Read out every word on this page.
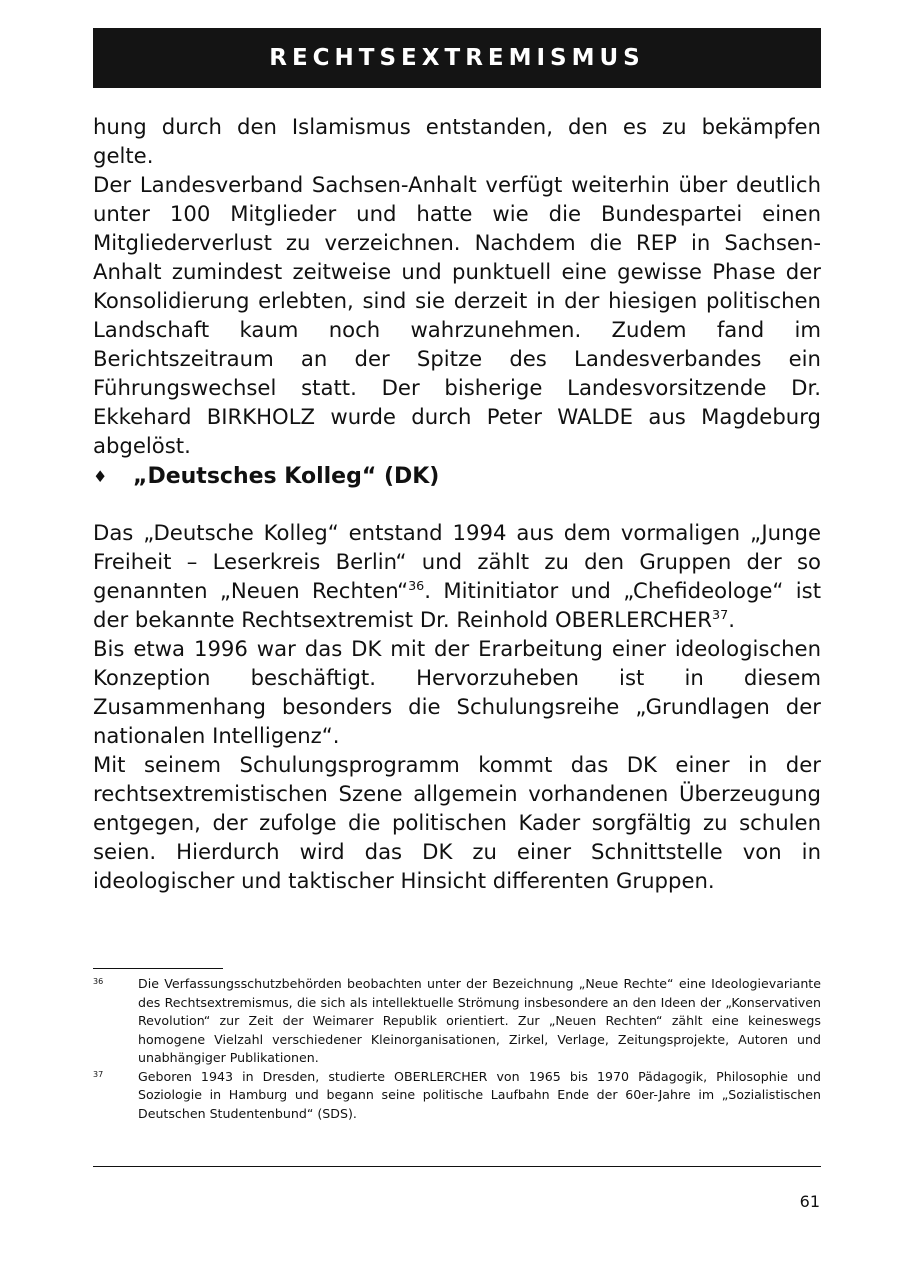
RECHTSEXTREMISMUS

hung durch den Islamismus entstanden, den es zu bekämpfen gelte.

Der Landesverband Sachsen-Anhalt verfügt weiterhin über deutlich unter 100 Mitglieder und hatte wie die Bundespartei einen Mitgliederverlust zu verzeichnen. Nachdem die REP in Sachsen-Anhalt zumindest zeitweise und punktuell eine gewisse Phase der Konsolidierung erlebten, sind sie derzeit in der hiesigen politischen Landschaft kaum noch wahrzunehmen. Zudem fand im Berichtszeitraum an der Spitze des Landesverbandes ein Führungswechsel statt. Der bisherige Landesvorsitzende Dr. Ekkehard BIRKHOLZ wurde durch Peter WALDE aus Magdeburg abgelöst.

♦	„Deutsches Kolleg“ (DK)

Das „Deutsche Kolleg“ entstand 1994 aus dem vormaligen „Junge Freiheit – Leserkreis Berlin“ und zählt zu den Gruppen der so genannten „Neuen Rechten“$^{36}$. Mitinitiator und „Chefideologe“ ist der bekannte Rechtsextremist Dr. Reinhold OBERLERCHER$^{37}$.

Bis etwa 1996 war das DK mit der Erarbeitung einer ideologischen Konzeption beschäftigt. Hervorzuheben ist in diesem Zusammenhang besonders die Schulungsreihe „Grundlagen der nationalen Intelligenz“.

Mit seinem Schulungsprogramm kommt das DK einer in der rechtsextremistischen Szene allgemein vorhandenen Überzeugung entgegen, der zufolge die politischen Kader sorgfältig zu schulen seien. Hierdurch wird das DK zu einer Schnittstelle von in ideologischer und taktischer Hinsicht differenten Gruppen.

36	Die Verfassungsschutzbehörden beobachten unter der Bezeichnung „Neue Rechte“ eine Ideologievariante des Rechtsextremismus, die sich als intellektuelle Strömung insbesondere an den Ideen der „Konservativen Revolution“ zur Zeit der Weimarer Republik orientiert. Zur „Neuen Rechten“ zählt eine keineswegs homogene Vielzahl verschiedener Kleinorganisationen, Zirkel, Verlage, Zeitungsprojekte, Autoren und unabhängiger Publikationen.
37	Geboren 1943 in Dresden, studierte OBERLERCHER von 1965 bis 1970 Pädagogik, Philosophie und Soziologie in Hamburg und begann seine politische Laufbahn Ende der 60er-Jahre im „Sozialistischen Deutschen Studentenbund“ (SDS).
61
